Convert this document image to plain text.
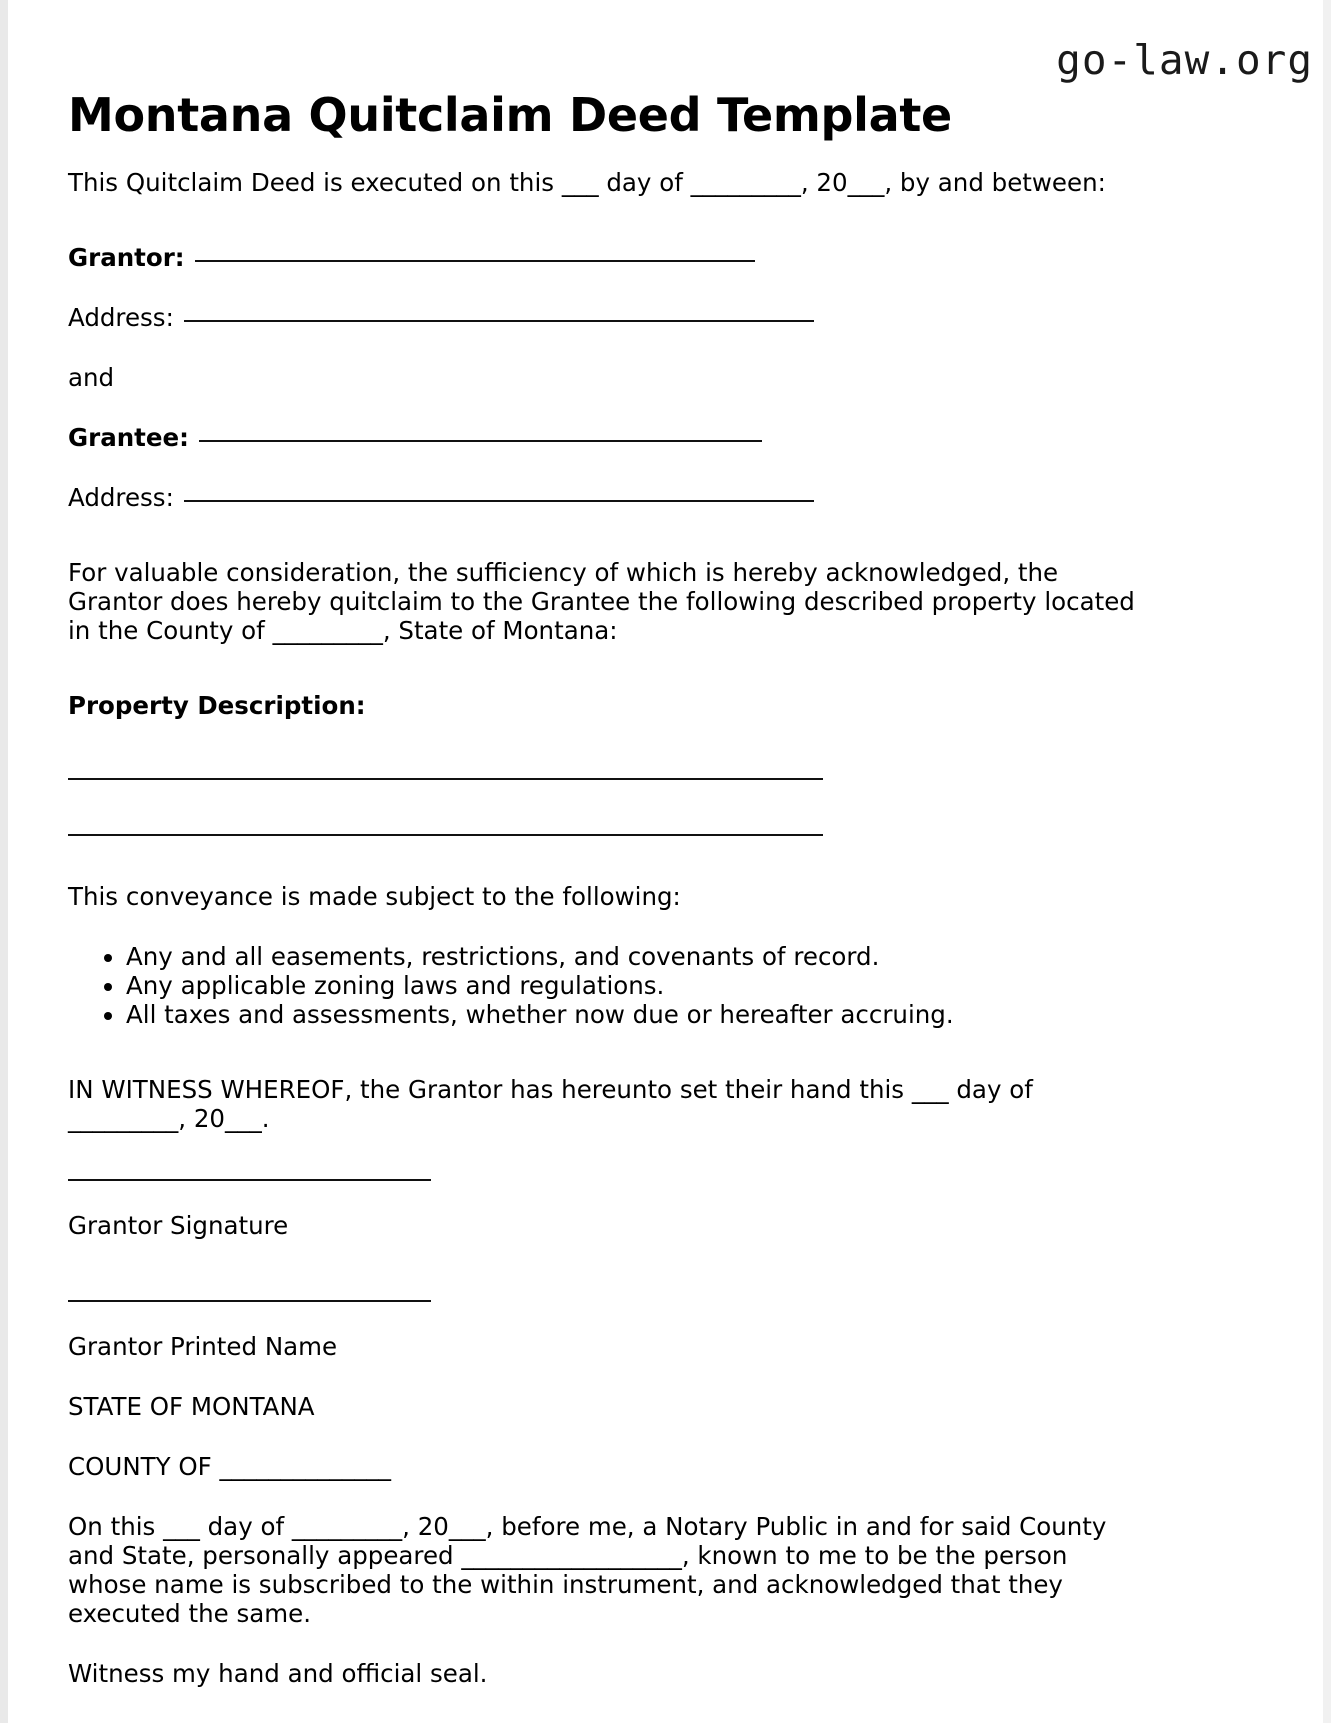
go-law.org
Montana Quitclaim Deed Template

This Quitclaim Deed is executed on this ___ day of _________, 20___, by and between:

Grantor:
Address:

and

Grantee:
Address:

For valuable consideration, the sufficiency of which is hereby acknowledged, the Grantor does hereby quitclaim to the Grantee the following described property located in the County of _________, State of Montana:

Property Description:

This conveyance is made subject to the following:

• Any and all easements, restrictions, and covenants of record.
• Any applicable zoning laws and regulations.
• All taxes and assessments, whether now due or hereafter accruing.

IN WITNESS WHEREOF, the Grantor has hereunto set their hand this ___ day of _________, 20___.

Grantor Signature

Grantor Printed Name

STATE OF MONTANA

COUNTY OF ______________

On this ___ day of _________, 20___, before me, a Notary Public in and for said County and State, personally appeared __________________, known to me to be the person whose name is subscribed to the within instrument, and acknowledged that they executed the same.

Witness my hand and official seal.
